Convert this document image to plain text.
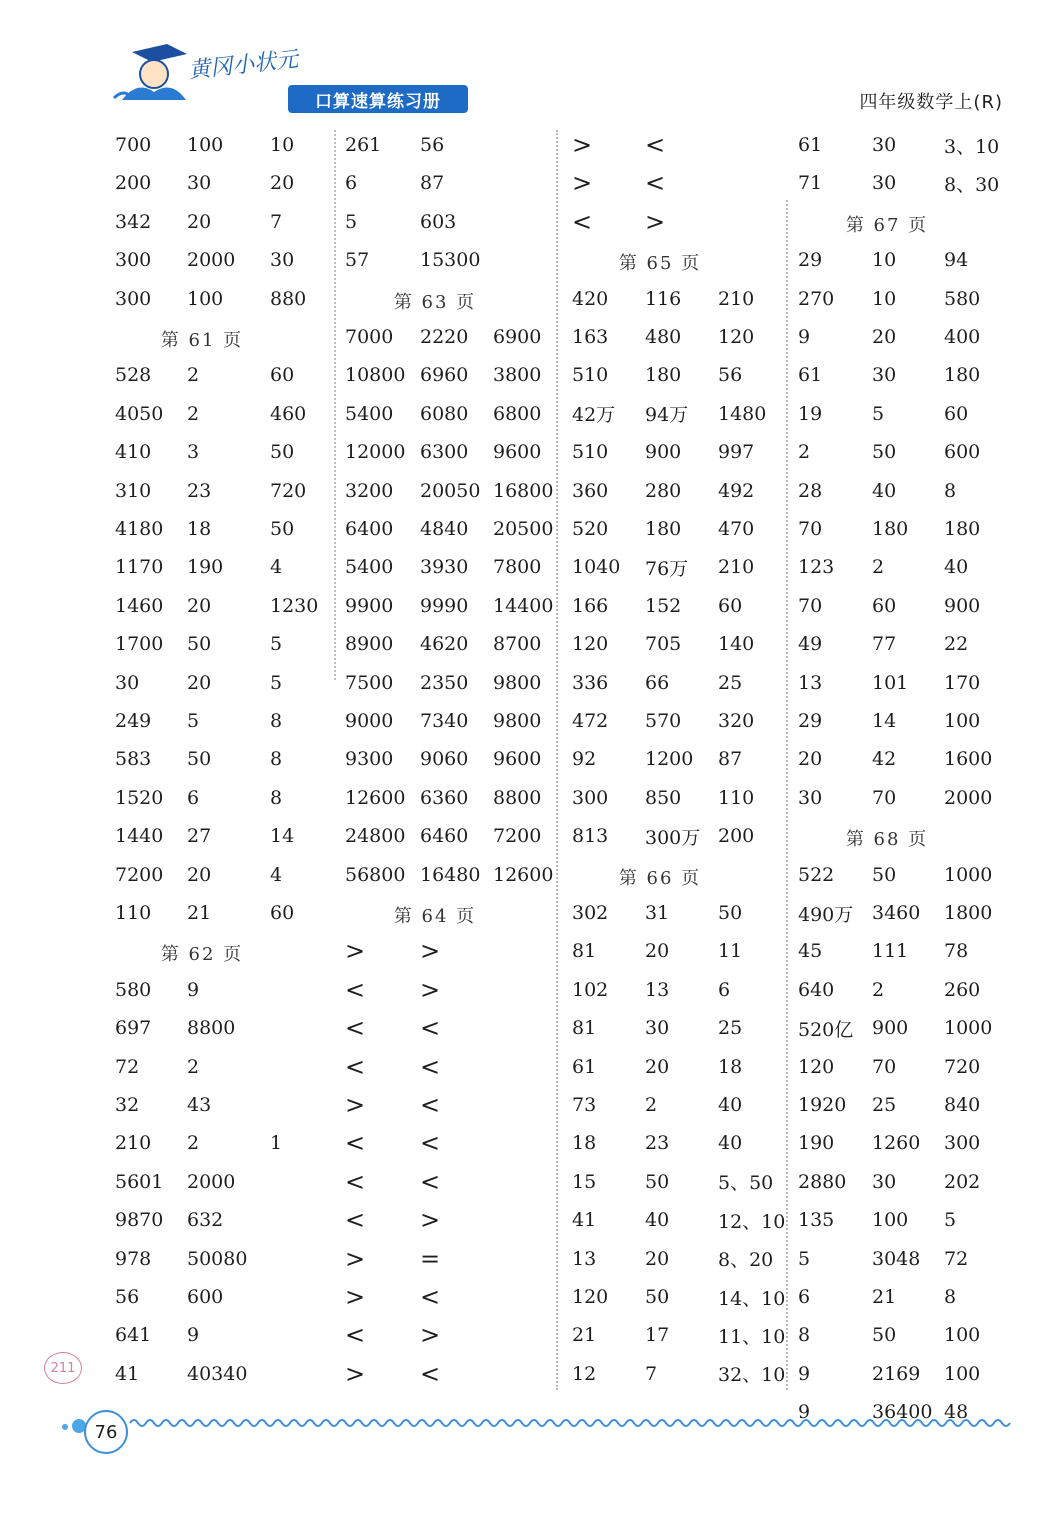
黄冈小状元
口算速算练习册	四年级数学上(R)
700 100 10
200 30	20
342 20	7
300 2000 30
300 100 880
第 61 页
528 2	60
4050 2	460
410 3	50
310 23	720
4180 18	50
1170 190 4
1460 20	1230
1700 50	5
30	20	5
249 5	8
583 50	8
1520 6	8
1440 27	14
7200 20	4
110 21	60
第 62 页
580 9
697 8800
72	2
32	43
210 2	1
5601 2000
9870 632
978 50080
56	600
641 9
41	40340
261 56
6	87
5	603
57	15300
第 63 页
7000 2220 6900
10800 6960 3800
5400 6080 6800
12000 6300 9600
3200 20050 16800
6400 4840 20500
5400 3930 7800
9900 9990 14400
8900 4620 8700
7500 2350 9800
9000 7340 9800
9300 9060 9600
12600 6360 8800
24800 6460 7200
56800 16480 12600
第 64 页
> >
< >
< <
< <
> <
< <
< <
< >
> =
> <
< >
> <
> <
> <
< >
第 65 页
420 116 210
163 480 120
510 180 56
42万 94万 1480
510 900 997
360 280 492
520 180 470
1040 76万 210
166 152 60
120 705 140
336 66	25
472 570 320
92	1200 87
300 850 110
813 300万 200
第 66 页
302 31	50
81	20	11
102 13	6
81	30	25
61	20	18
73	2	40
18	23	40
15	50	5、50
41	40	12、10
13	20	8、20
120 50	14、10
21	17	11、10
12	7	32、10
61	30	3、10
71	30	8、30
第 67 页
29	10	94
270 10	580
9	20	400
61	30	180
19	5	60
2	50	600
28	40	8
70	180 180
123 2	40
70	60	900
49	77	22
13	101 170
29	14	100
20	42	1600
30	70	2000
第 68 页
522 50	1000
490万 3460 1800
45	111 78
640 2	260
520亿 900 1000
120 70	720
1920 25	840
190 1260 300
2880 30	202
135 100 5
5	3048 72
6	21	8
8	50	100
9	2169 100
9	36400 48
211
76
